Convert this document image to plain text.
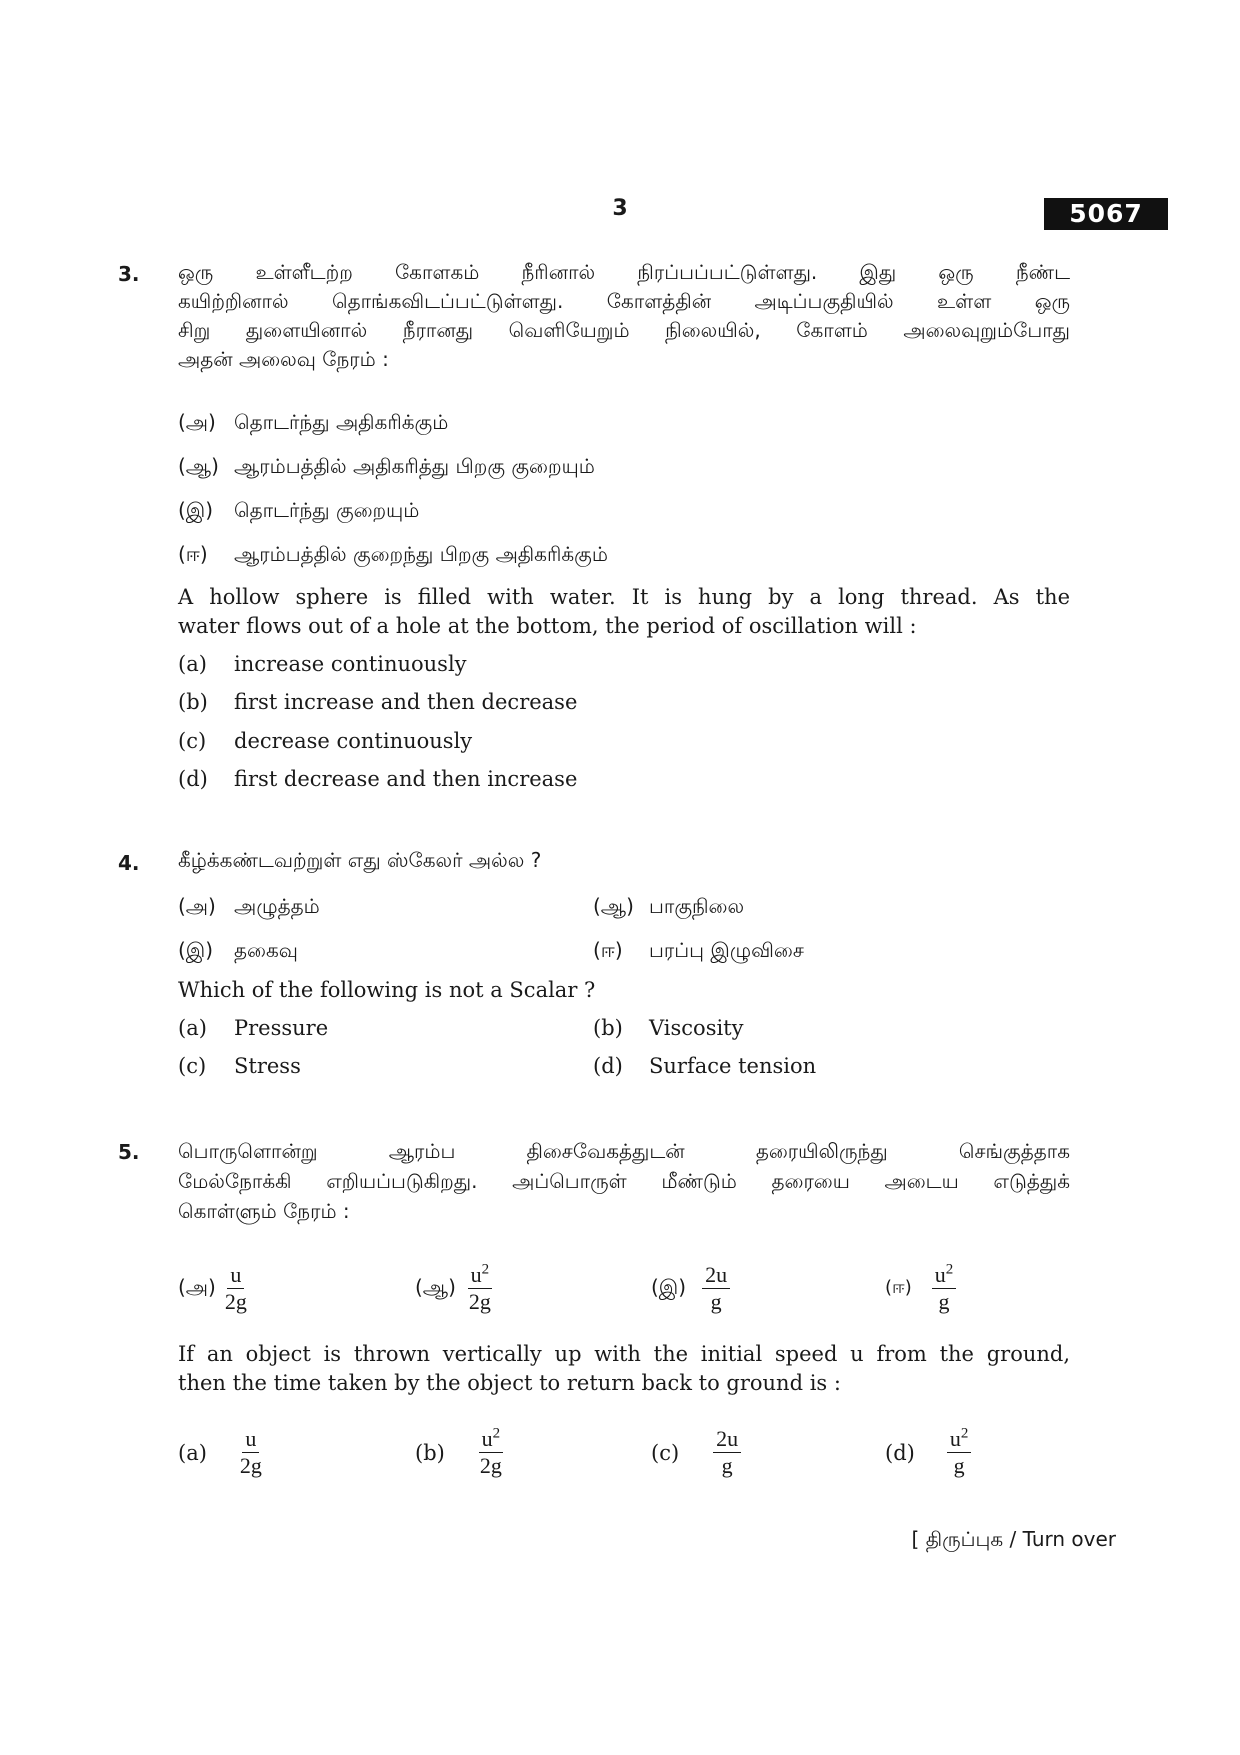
3	5067
3. ஒரு உள்ளீடற்ற கோளகம் நீரினால் நிரப்பப்பட்டுள்ளது. இது ஒரு நீண்ட
கயிற்றினால் தொங்கவிடப்பட்டுள்ளது. கோளத்தின் அடிப்பகுதியில் உள்ள ஒரு
சிறு துளையினால் நீரானது வெளியேறும் நிலையில், கோளம் அலைவுறும்போது
அதன் அலைவு நேரம் :
(அ) தொடர்ந்து அதிகரிக்கும்
(ஆ) ஆரம்பத்தில் அதிகரித்து பிறகு குறையும்
(இ) தொடர்ந்து குறையும்
(ஈ) ஆரம்பத்தில் குறைந்து பிறகு அதிகரிக்கும்
A hollow sphere is filled with water. It is hung by a long thread. As the
water flows out of a hole at the bottom, the period of oscillation will :
(a) increase continuously
(b) first increase and then decrease
(c) decrease continuously
(d) first decrease and then increase
4. கீழ்க்கண்டவற்றுள் எது ஸ்கேலர் அல்ல ?
(அ) அழுத்தம்	(ஆ) பாகுநிலை
(இ) தகைவு	(ஈ) பரப்பு இழுவிசை
Which of the following is not a Scalar ?
(a) Pressure	(b) Viscosity
(c) Stress	(d) Surface tension
5. பொருளொன்று ஆரம்ப திசைவேகத்துடன் தரையிலிருந்து செங்குத்தாக
மேல்நோக்கி எறியப்படுகிறது. அப்பொருள் மீண்டும் தரையை அடைய எடுத்துக்
கொள்ளும் நேரம் :
(அ) $\frac{u}{2g}$	(ஆ) $\frac{u^2}{2g}$	(இ) $\frac{2u}{g}$	(ஈ) $\frac{u^2}{g}$
If an object is thrown vertically up with the initial speed u from the ground,
then the time taken by the object to return back to ground is :
$(a) \frac{u}{2g}$	$(b) \frac{u^2}{2g}$	$(c) \frac{2u}{g}$	$(d) \frac{u^2}{g}$
[ திருப்புக / Turn over
